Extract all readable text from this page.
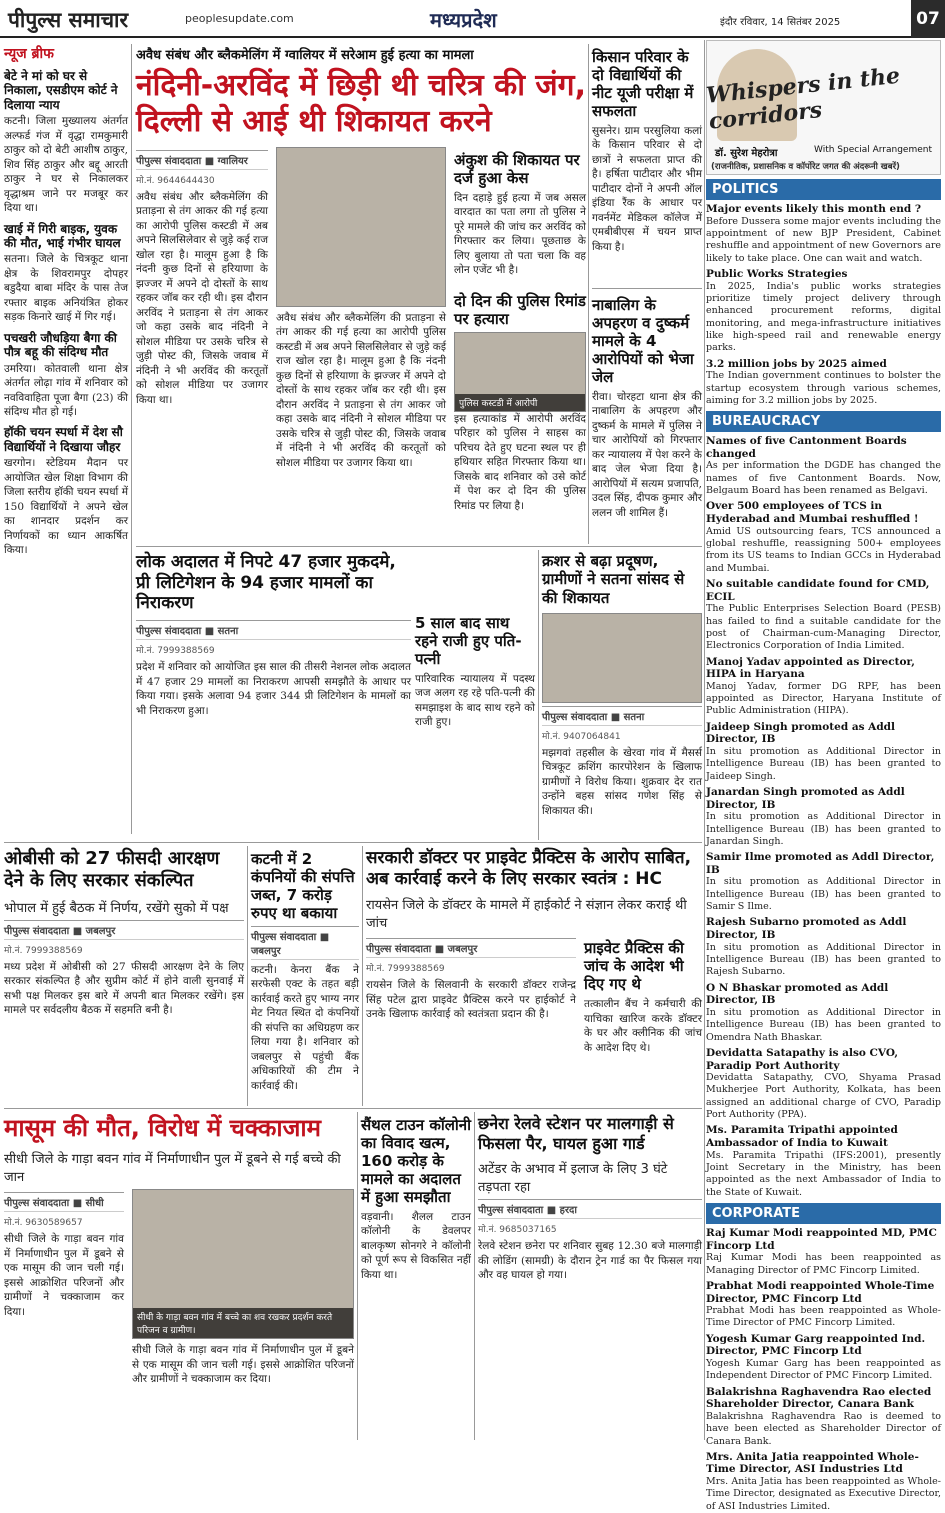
पीपुल्स समाचार	peoplesupdate.com	मध्यप्रदेश	इंदौर रविवार, 14 सितंबर 2025	07
न्यूज ब्रीफ
बेटे ने मां को घर से निकाला, एसडीएम कोर्ट ने दिलाया न्याय
कटनी। जिला मुख्यालय अंतर्गत अल्फर्ड गंज में वृद्धा रामकुमारी ठाकुर को दो बेटी आशीष ठाकुर, शिव सिंह ठाकुर और बद्दू आरती ठाकुर ने घर से निकालकर वृद्धाश्रम जाने पर मजबूर कर दिया था।
खाई में गिरी बाइक, युवक की मौत, भाई गंभीर घायल
सतना। जिले के चित्रकूट थाना क्षेत्र के शिवरामपुर दोपहर बडुदैया बाबा मंदिर के पास तेज रफ्तार बाइक अनियंत्रित होकर सड़क किनारे खाई में गिर गई।
पचखरी जौधड़िया बैगा की पौत्र बहू की संदिग्ध मौत
उमरिया। कोतवाली थाना क्षेत्र अंतर्गत लोढ़ा गांव में शनिवार को नवविवाहिता पूजा बैगा (23) की संदिग्ध मौत हो गई।
हॉकी चयन स्पर्धा में देश सौ विद्यार्थियों ने दिखाया जौहर
खरगोन। स्टेडियम मैदान पर आयोजित खेल शिक्षा विभाग की जिला स्तरीय हॉकी चयन स्पर्धा में 150 विद्यार्थियों ने अपने खेल का शानदार प्रदर्शन कर निर्णायकों का ध्यान आकर्षित किया।
अवैध संबंध और ब्लैकमेलिंग में ग्वालियर में सरेआम हुई हत्या का मामला
नंदिनी-अरविंद में छिड़ी थी चरित्र की जंग, दिल्ली से आई थी शिकायत करने
पीपुल्स संवाददाता ■ ग्वालियर
मो.नं. 9644644430
अवैध संबंध और ब्लैकमेलिंग की प्रताड़ना से तंग आकर की गई हत्या का आरोपी पुलिस कस्टडी में अब अपने सिलसिलेवार से जुड़े कई राज खोल रहा है। मालूम हुआ है कि नंदनी कुछ दिनों से हरियाणा के झज्जर में अपने दो दोस्तों के साथ रहकर जॉब कर रही थी। इस दौरान अरविंद ने प्रताड़ना से तंग आकर जो कहा उसके बाद नंदिनी ने सोशल मीडिया पर उसके चरित्र से जुड़ी पोस्ट की, जिसके जवाब में नंदिनी ने भी अरविंद की करतूतों को सोशल मीडिया पर उजागर किया था।
अवैध संबंध और ब्लैकमेलिंग की प्रताड़ना से तंग आकर की गई हत्या का आरोपी पुलिस कस्टडी में अब अपने सिलसिलेवार से जुड़े कई राज खोल रहा है। मालूम हुआ है कि नंदनी कुछ दिनों से हरियाणा के झज्जर में अपने दो दोस्तों के साथ रहकर जॉब कर रही थी। इस दौरान अरविंद ने प्रताड़ना से तंग आकर जो कहा उसके बाद नंदिनी ने सोशल मीडिया पर उसके चरित्र से जुड़ी पोस्ट की, जिसके जवाब में नंदिनी ने भी अरविंद की करतूतों को सोशल मीडिया पर उजागर किया था।
अंकुश की शिकायत पर दर्ज हुआ केस
दिन दहाड़े हुई हत्या में जब असल वारदात का पता लगा तो पुलिस ने पूरे मामले की जांच कर अरविंद को गिरफ्तार कर लिया। पूछताछ के लिए बुलाया तो पता चला कि वह लोन एजेंट भी है।
दो दिन की पुलिस रिमांड पर हत्यारा
पुलिस कस्टडी में आरोपी
इस हत्याकांड में आरोपी अरविंद परिहार को पुलिस ने साहस का परिचय देते हुए घटना स्थल पर ही हथियार सहित गिरफ्तार किया था। जिसके बाद शनिवार को उसे कोर्ट में पेश कर दो दिन की पुलिस रिमांड पर लिया है।
किसान परिवार के दो विद्यार्थियों की नीट यूजी परीक्षा में सफलता
सुसनेर। ग्राम परसुलिया कलां के किसान परिवार से दो छात्रों ने सफलता प्राप्त की है। हर्षिता पाटीदार और भीम पाटीदार दोनों ने अपनी ऑल इंडिया रैंक के आधार पर गवर्नमेंट मेडिकल कॉलेज में एमबीबीएस में चयन प्राप्त किया है।
नाबालिग के अपहरण व दुष्कर्म मामले के 4 आरोपियों को भेजा जेल
रीवा। चोरहटा थाना क्षेत्र की नाबालिग के अपहरण और दुष्कर्म के मामले में पुलिस ने चार आरोपियों को गिरफ्तार कर न्यायालय में पेश करने के बाद जेल भेजा दिया है। आरोपियों में सत्यम प्रजापति, उदल सिंह, दीपक कुमार और ललन जी शामिल हैं।
लोक अदालत में निपटे 47 हजार मुकदमे, प्री लिटिगेशन के 94 हजार मामलों का निराकरण
पीपुल्स संवाददाता ■ सतना
मो.नं. 7999388569
प्रदेश में शनिवार को आयोजित इस साल की तीसरी नेशनल लोक अदालत में 47 हजार 29 मामलों का निराकरण आपसी समझौते के आधार पर किया गया। इसके अलावा 94 हजार 344 प्री लिटिगेशन के मामलों का भी निराकरण हुआ।
5 साल बाद साथ रहने राजी हुए पति-पत्नी
पारिवारिक न्यायालय में पदस्थ जज अलग रह रहे पति-पत्नी की समझाइश के बाद साथ रहने को राजी हुए।
क्रशर से बढ़ा प्रदूषण, ग्रामीणों ने सतना सांसद से की शिकायत
पीपुल्स संवाददाता ■ सतना
मो.नं. 9407064841
मझगवां तहसील के खेरवा गांव में मैसर्स चित्रकूट क्रशिंग कारपोरेशन के खिलाफ ग्रामीणों ने विरोध किया। शुक्रवार देर रात उन्होंने बहस सांसद गणेश सिंह से शिकायत की।
ओबीसी को 27 फीसदी आरक्षण देने के लिए सरकार संकल्पित
भोपाल में हुई बैठक में निर्णय, रखेंगे सुको में पक्ष
पीपुल्स संवाददाता ■ जबलपुर
मो.नं. 7999388569
मध्य प्रदेश में ओबीसी को 27 फीसदी आरक्षण देने के लिए सरकार संकल्पित है और सुप्रीम कोर्ट में होने वाली सुनवाई में सभी पक्ष मिलकर इस बारे में अपनी बात मिलकर रखेंगे। इस मामले पर सर्वदलीय बैठक में सहमति बनी है।
कटनी में 2 कंपनियों की संपत्ति जब्त, 7 करोड़ रुपए था बकाया
पीपुल्स संवाददाता ■ जबलपुर
कटनी। केनरा बैंक ने सरफेसी एक्ट के तहत बड़ी कार्रवाई करते हुए भाग्य नगर मेट नियत स्थित दो कंपनियों की संपत्ति का अधिग्रहण कर लिया गया है। शनिवार को जबलपुर से पहुंची बैंक अधिकारियों की टीम ने कार्रवाई की।
सरकारी डॉक्टर पर प्राइवेट प्रैक्टिस के आरोप साबित, अब कार्रवाई करने के लिए सरकार स्वतंत्र : HC
रायसेन जिले के डॉक्टर के मामले में हाईकोर्ट ने संज्ञान लेकर कराई थी जांच
पीपुल्स संवाददाता ■ जबलपुर
मो.नं. 7999388569
रायसेन जिले के सिलवानी के सरकारी डॉक्टर राजेन्द्र सिंह पटेल द्वारा प्राइवेट प्रैक्टिस करने पर हाईकोर्ट ने उनके खिलाफ कार्रवाई को स्वतंत्रता प्रदान की है।
प्राइवेट प्रैक्टिस की जांच के आदेश भी दिए गए थे
तत्कालीन बैंच ने कर्मचारी की याचिका खारिज करके डॉक्टर के घर और क्लीनिक की जांच के आदेश दिए थे।
मासूम की मौत, विरोध में चक्काजाम
सीधी जिले के गाड़ा बवन गांव में निर्माणाधीन पुल में डूबने से गई बच्चे की जान
पीपुल्स संवाददाता ■ सीधी
मो.नं. 9630589657
सीधी जिले के गाड़ा बवन गांव में निर्माणाधीन पुल में डूबने से एक मासूम की जान चली गई। इससे आक्रोशित परिजनों और ग्रामीणों ने चक्काजाम कर दिया।
सीधी के गाड़ा बवन गांव में बच्चे का शव रखकर प्रदर्शन करते परिजन व ग्रामीण।
सीधी जिले के गाड़ा बवन गांव में निर्माणाधीन पुल में डूबने से एक मासूम की जान चली गई। इससे आक्रोशित परिजनों और ग्रामीणों ने चक्काजाम कर दिया।
सैंथल टाउन कॉलोनी का विवाद खत्म, 160 करोड़ के मामले का अदालत में हुआ समझौता
वड़वानी। शैलल टाउन कॉलोनी के डेवलपर बालकृष्ण सोनगरे ने कॉलोनी को पूर्ण रूप से विकसित नहीं किया था।
छनेरा रेलवे स्टेशन पर मालगाड़ी से फिसला पैर, घायल हुआ गार्ड
अटेंडर के अभाव में इलाज के लिए 3 घंटे तड़पता रहा
पीपुल्स संवाददाता ■ हरदा
मो.नं. 9685037165
रेलवे स्टेशन छनेरा पर शनिवार सुबह 12.30 बजे मालगाड़ी की लोडिंग (सामग्री) के दौरान ट्रेन गार्ड का पैर फिसल गया और वह घायल हो गया।
Whispers in the corridors
डॉ. सुरेश मेहरोत्रा	With Special Arrangement
(राजनीतिक, प्रशासनिक व कॉर्पोरेट जगत की अंदरूनी खबरें)
POLITICS
Major events likely this month end ?
Before Dussera some major events including the appointment of new BJP President, Cabinet reshuffle and appointment of new Governors are likely to take place. One can wait and watch.
Public Works Strategies
In 2025, India's public works strategies prioritize timely project delivery through enhanced procurement reforms, digital monitoring, and mega-infrastructure initiatives like high-speed rail and renewable energy parks.
3.2 million jobs by 2025 aimed
The Indian government continues to bolster the startup ecosystem through various schemes, aiming for 3.2 million jobs by 2025.
BUREAUCRACY
Names of five Cantonment Boards changed
As per information the DGDE has changed the names of five Cantonment Boards. Now, Belgaum Board has been renamed as Belgavi.
Over 500 employees of TCS in Hyderabad and Mumbai reshuffled !
Amid US outsourcing fears, TCS announced a global reshuffle, reassigning 500+ employees from its US teams to Indian GCCs in Hyderabad and Mumbai.
No suitable candidate found for CMD, ECIL
The Public Enterprises Selection Board (PESB) has failed to find a suitable candidate for the post of Chairman-cum-Managing Director, Electronics Corporation of India Limited.
Manoj Yadav appointed as Director, HIPA in Haryana
Manoj Yadav, former DG RPF, has been appointed as Director, Haryana Institute of Public Administration (HIPA).
Jaideep Singh promoted as Addl Director, IB
In situ promotion as Additional Director in Intelligence Bureau (IB) has been granted to Jaideep Singh.
Janardan Singh promoted as Addl Director, IB
In situ promotion as Additional Director in Intelligence Bureau (IB) has been granted to Janardan Singh.
Samir Ilme promoted as Addl Director, IB
In situ promotion as Additional Director in Intelligence Bureau (IB) has been granted to Samir S Ilme.
Rajesh Subarno promoted as Addl Director, IB
In situ promotion as Additional Director in Intelligence Bureau (IB) has been granted to Rajesh Subarno.
O N Bhaskar promoted as Addl Director, IB
In situ promotion as Additional Director in Intelligence Bureau (IB) has been granted to Omendra Nath Bhaskar.
Devidatta Satapathy is also CVO, Paradip Port Authority
Devidatta Satapathy, CVO, Shyama Prasad Mukherjee Port Authority, Kolkata, has been assigned an additional charge of CVO, Paradip Port Authority (PPA).
Ms. Paramita Tripathi appointed Ambassador of India to Kuwait
Ms. Paramita Tripathi (IFS:2001), presently Joint Secretary in the Ministry, has been appointed as the next Ambassador of India to the State of Kuwait.
CORPORATE
Raj Kumar Modi reappointed MD, PMC Fincorp Ltd
Raj Kumar Modi has been reappointed as Managing Director of PMC Fincorp Limited.
Prabhat Modi reappointed Whole-Time Director, PMC Fincorp Ltd
Prabhat Modi has been reappointed as Whole-Time Director of PMC Fincorp Limited.
Yogesh Kumar Garg reappointed Ind. Director, PMC Fincorp Ltd
Yogesh Kumar Garg has been reappointed as Independent Director of PMC Fincorp Limited.
Balakrishna Raghavendra Rao elected Shareholder Director, Canara Bank
Balakrishna Raghavendra Rao is deemed to have been elected as Shareholder Director of Canara Bank.
Mrs. Anita Jatia reappointed Whole-Time Director, ASI Industries Ltd
Mrs. Anita Jatia has been reappointed as Whole-Time Director, designated as Executive Director, of ASI Industries Limited.
